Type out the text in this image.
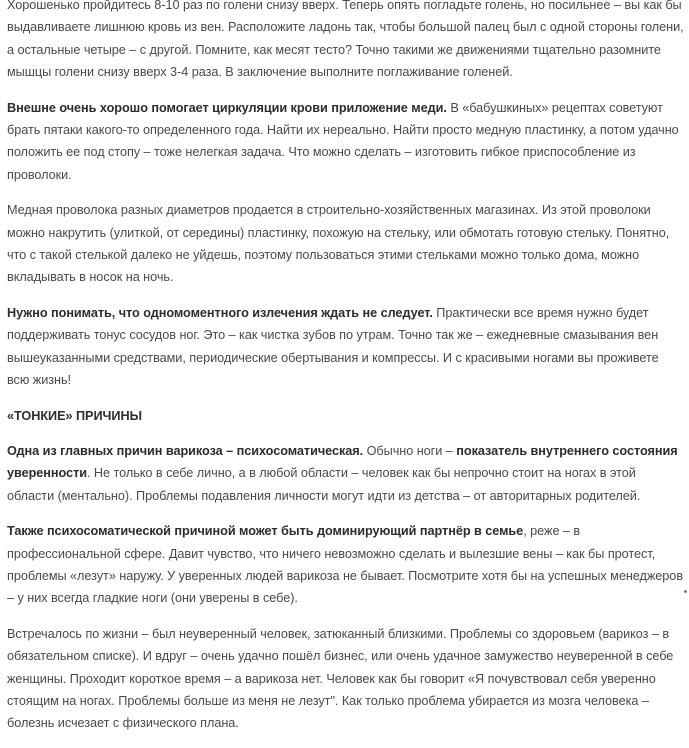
Хорошенько пройдитесь 8-10 раз по голени снизу вверх. Теперь опять погладьте голень, но посильнее – вы как бы выдавливаете лишнюю кровь из вен. Расположите ладонь так, чтобы большой палец был с одной стороны голени, а остальные четыре – с другой. Помните, как месят тесто? Точно такими же движениями тщательно разомните мышцы голени снизу вверх 3-4 раза. В заключение выполните поглаживание голеней.

Внешне очень хорошо помогает циркуляции крови приложение меди. В «бабушкиных» рецептах советуют брать пятаки какого-то определенного года. Найти их нереально. Найти просто медную пластинку, а потом удачно положить ее под стопу – тоже нелегкая задача. Что можно сделать – изготовить гибкое приспособление из проволоки.

Медная проволока разных диаметров продается в строительно-хозяйственных магазинах. Из этой проволоки можно накрутить (улиткой, от середины) пластинку, похожую на стельку, или обмотать готовую стельку. Понятно, что с такой стелькой далеко не уйдешь, поэтому пользоваться этими стельками можно только дома, можно вкладывать в носок на ночь.

Нужно понимать, что одномоментного излечения ждать не следует. Практически все время нужно будет поддерживать тонус сосудов ног. Это – как чистка зубов по утрам. Точно так же – ежедневные смазывания вен вышеуказанными средствами, периодические обертывания и компрессы. И с красивыми ногами вы проживете всю жизнь!

«ТОНКИЕ» ПРИЧИНЫ

Одна из главных причин варикоза – психосоматическая. Обычно ноги – показатель внутреннего состояния уверенности. Не только в себе лично, а в любой области – человек как бы непрочно стоит на ногах в этой области (ментально). Проблемы подавления личности могут идти из детства – от авторитарных родителей.

Также психосоматической причиной может быть доминирующий партнёр в семье, реже – в профессиональной сфере. Давит чувство, что ничего невозможно сделать и вылезшие вены – как бы протест, проблемы «лезут» наружу. У уверенных людей варикоза не бывает. Посмотрите хотя бы на успешных менеджеров – у них всегда гладкие ноги (они уверены в себе).

Встречалось по жизни – был неуверенный человек, затюканный близкими. Проблемы со здоровьем (варикоз – в обязательном списке). И вдруг – очень удачно пошёл бизнес, или очень удачное замужество неуверенной в себе женщины. Проходит короткое время – а варикоза нет. Человек как бы говорит «Я почувствовал себя уверенно стоящим на ногах. Проблемы больше из меня не лезут". Как только проблема убирается из мозга человека – болезнь исчезает с физического плана.
